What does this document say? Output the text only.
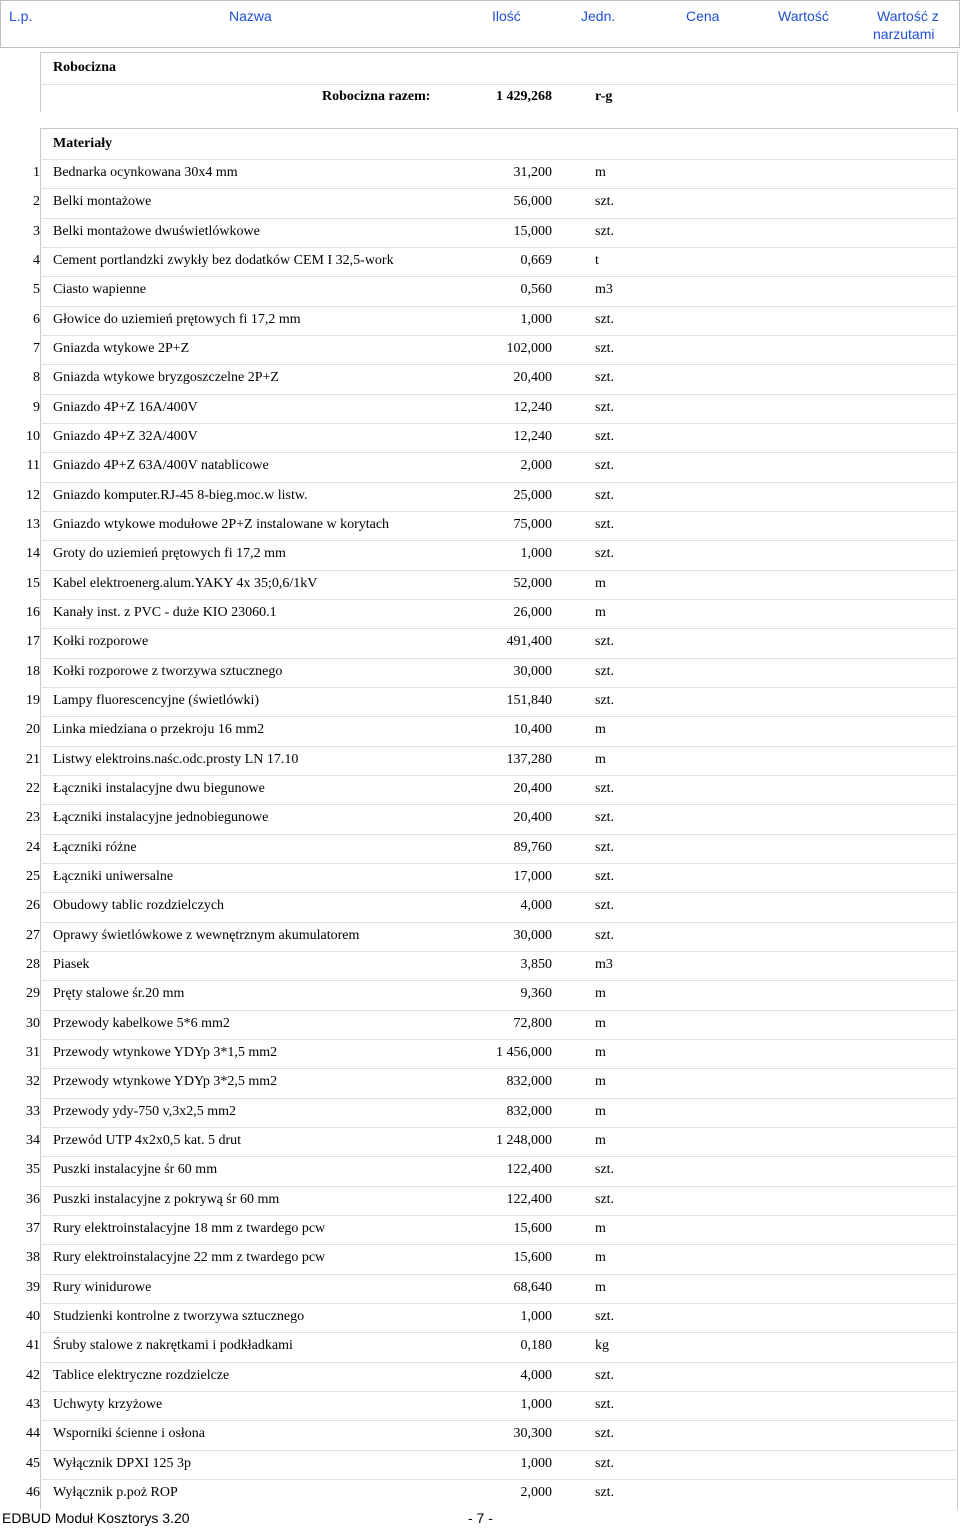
L.p.	Nazwa	Ilość	Jedn.	Cena	Wartość	Wartość z
narzutami
Robocizna
Robocizna razem:	1 429,268	r-g
Materiały
1 Bednarka ocynkowana 30x4 mm	31,200	m
2 Belki montażowe	56,000	szt.
3 Belki montażowe dwuświetlówkowe	15,000	szt.
4 Cement portlandzki zwykły bez dodatków CEM I 32,5-work	0,669	t
5 Ciasto wapienne	0,560	m3
6 Głowice do uziemień prętowych fi 17,2 mm	1,000	szt.
7 Gniazda wtykowe 2P+Z	102,000	szt.
8 Gniazda wtykowe bryzgoszczelne 2P+Z	20,400	szt.
9 Gniazdo 4P+Z 16A/400V	12,240	szt.
10 Gniazdo 4P+Z 32A/400V	12,240	szt.
11 Gniazdo 4P+Z 63A/400V natablicowe	2,000	szt.
12 Gniazdo komputer.RJ-45 8-bieg.moc.w listw.	25,000	szt.
13 Gniazdo wtykowe modułowe 2P+Z instalowane w korytach	75,000	szt.
14 Groty do uziemień prętowych fi 17,2 mm	1,000	szt.
15 Kabel elektroenerg.alum.YAKY 4x 35;0,6/1kV	52,000	m
16 Kanały inst. z PVC - duże KIO 23060.1	26,000	m
17 Kołki rozporowe	491,400	szt.
18 Kołki rozporowe z tworzywa sztucznego	30,000	szt.
19 Lampy fluorescencyjne (świetlówki)	151,840	szt.
20 Linka miedziana o przekroju 16 mm2	10,400	m
21 Listwy elektroins.naśc.odc.prosty LN 17.10	137,280	m
22 Łączniki instalacyjne dwu biegunowe	20,400	szt.
23 Łączniki instalacyjne jednobiegunowe	20,400	szt.
24 Łączniki różne	89,760	szt.
25 Łączniki uniwersalne	17,000	szt.
26 Obudowy tablic rozdzielczych	4,000	szt.
27 Oprawy świetlówkowe z wewnętrznym akumulatorem	30,000	szt.
28 Piasek	3,850	m3
29 Pręty stalowe śr.20 mm	9,360	m
30 Przewody kabelkowe 5*6 mm2	72,800	m
31 Przewody wtynkowe YDYp 3*1,5 mm2	1 456,000	m
32 Przewody wtynkowe YDYp 3*2,5 mm2	832,000	m
33 Przewody ydy-750 v,3x2,5 mm2	832,000	m
34 Przewód UTP 4x2x0,5 kat. 5 drut	1 248,000	m
35 Puszki instalacyjne śr 60 mm	122,400	szt.
36 Puszki instalacyjne z pokrywą śr 60 mm	122,400	szt.
37 Rury elektroinstalacyjne 18 mm z twardego pcw	15,600	m
38 Rury elektroinstalacyjne 22 mm z twardego pcw	15,600	m
39 Rury winidurowe	68,640	m
40 Studzienki kontrolne z tworzywa sztucznego	1,000	szt.
41 Śruby stalowe z nakrętkami i podkładkami	0,180	kg
42 Tablice elektryczne rozdzielcze	4,000	szt.
43 Uchwyty krzyżowe	1,000	szt.
44 Wsporniki ścienne i osłona	30,300	szt.
45 Wyłącznik DPXI 125 3p	1,000	szt.
46 Wyłącznik p.poż ROP	2,000	szt.
EDBUD Moduł Kosztorys 3.20	- 7 -
